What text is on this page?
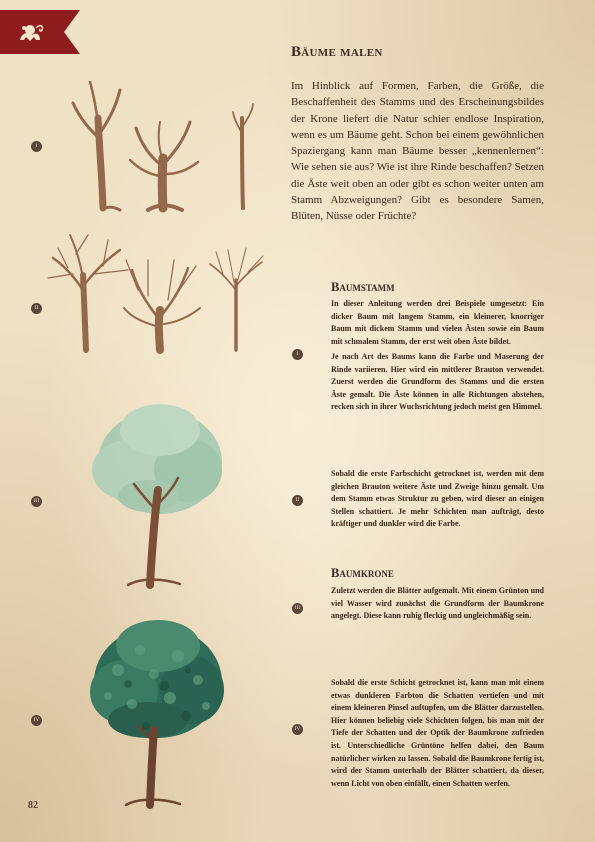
Bäume malen

Im Hinblick auf Formen, Farben, die Größe, die Beschaffenheit des Stamms und des Erscheinungsbildes der Krone liefert die Natur schier endlose Inspiration, wenn es um Bäume geht. Schon bei einem gewöhnlichen Spaziergang kann man Bäume besser „kennenlernen“: Wie sehen sie aus? Wie ist ihre Rinde beschaffen? Setzen die Äste weit oben an oder gibt es schon weiter unten am Stamm Abzweigungen? Gibt es besondere Samen, Blüten, Nüsse oder Früchte?

I
II
III
IV
Baumstamm

In dieser Anleitung werden drei Beispiele umgesetzt: Ein dicker Baum mit langem Stamm, ein kleinerer, knorriger Baum mit dickem Stamm und vielen Ästen sowie ein Baum mit schmalem Stamm, der erst weit oben Äste bildet.

Je nach Art des Baums kann die Farbe und Maserung der Rinde variieren. Hier wird ein mittlerer Brauton verwendet. Zuerst werden die Grundform des Stamms und die ersten Äste gemalt. Die Äste können in alle Richtungen abstehen, recken sich in ihrer Wuchsrichtung jedoch meist gen Himmel.

Sobald die erste Farbschicht getrocknet ist, werden mit dem gleichen Brauton weitere Äste und Zweige hinzu gemalt. Um dem Stamm etwas Struktur zu geben, wird dieser an einigen Stellen schattiert. Je mehr Schichten man aufträgt, desto kräftiger und dunkler wird die Farbe.

Baumkrone

Zuletzt werden die Blätter aufgemalt. Mit einem Grünton und viel Wasser wird zunächst die Grundform der Baumkrone angelegt. Diese kann ruhig fleckig und ungleichmäßig sein.

Sobald die erste Schicht getrocknet ist, kann man mit einem etwas dunkleren Farbton die Schatten vertiefen und mit einem kleineren Pinsel auftupfen, um die Blätter darzustellen. Hier können beliebig viele Schichten folgen, bis man mit der Tiefe der Schatten und der Optik der Baumkrone zufrieden ist. Unterschiedliche Grüntöne helfen dabei, den Baum natürlicher wirken zu lassen. Sobald die Baumkrone fertig ist, wird der Stamm unterhalb der Blätter schattiert, da dieser, wenn Licht von oben einfällt, einen Schatten werfen.

I
II
III
IV
82
